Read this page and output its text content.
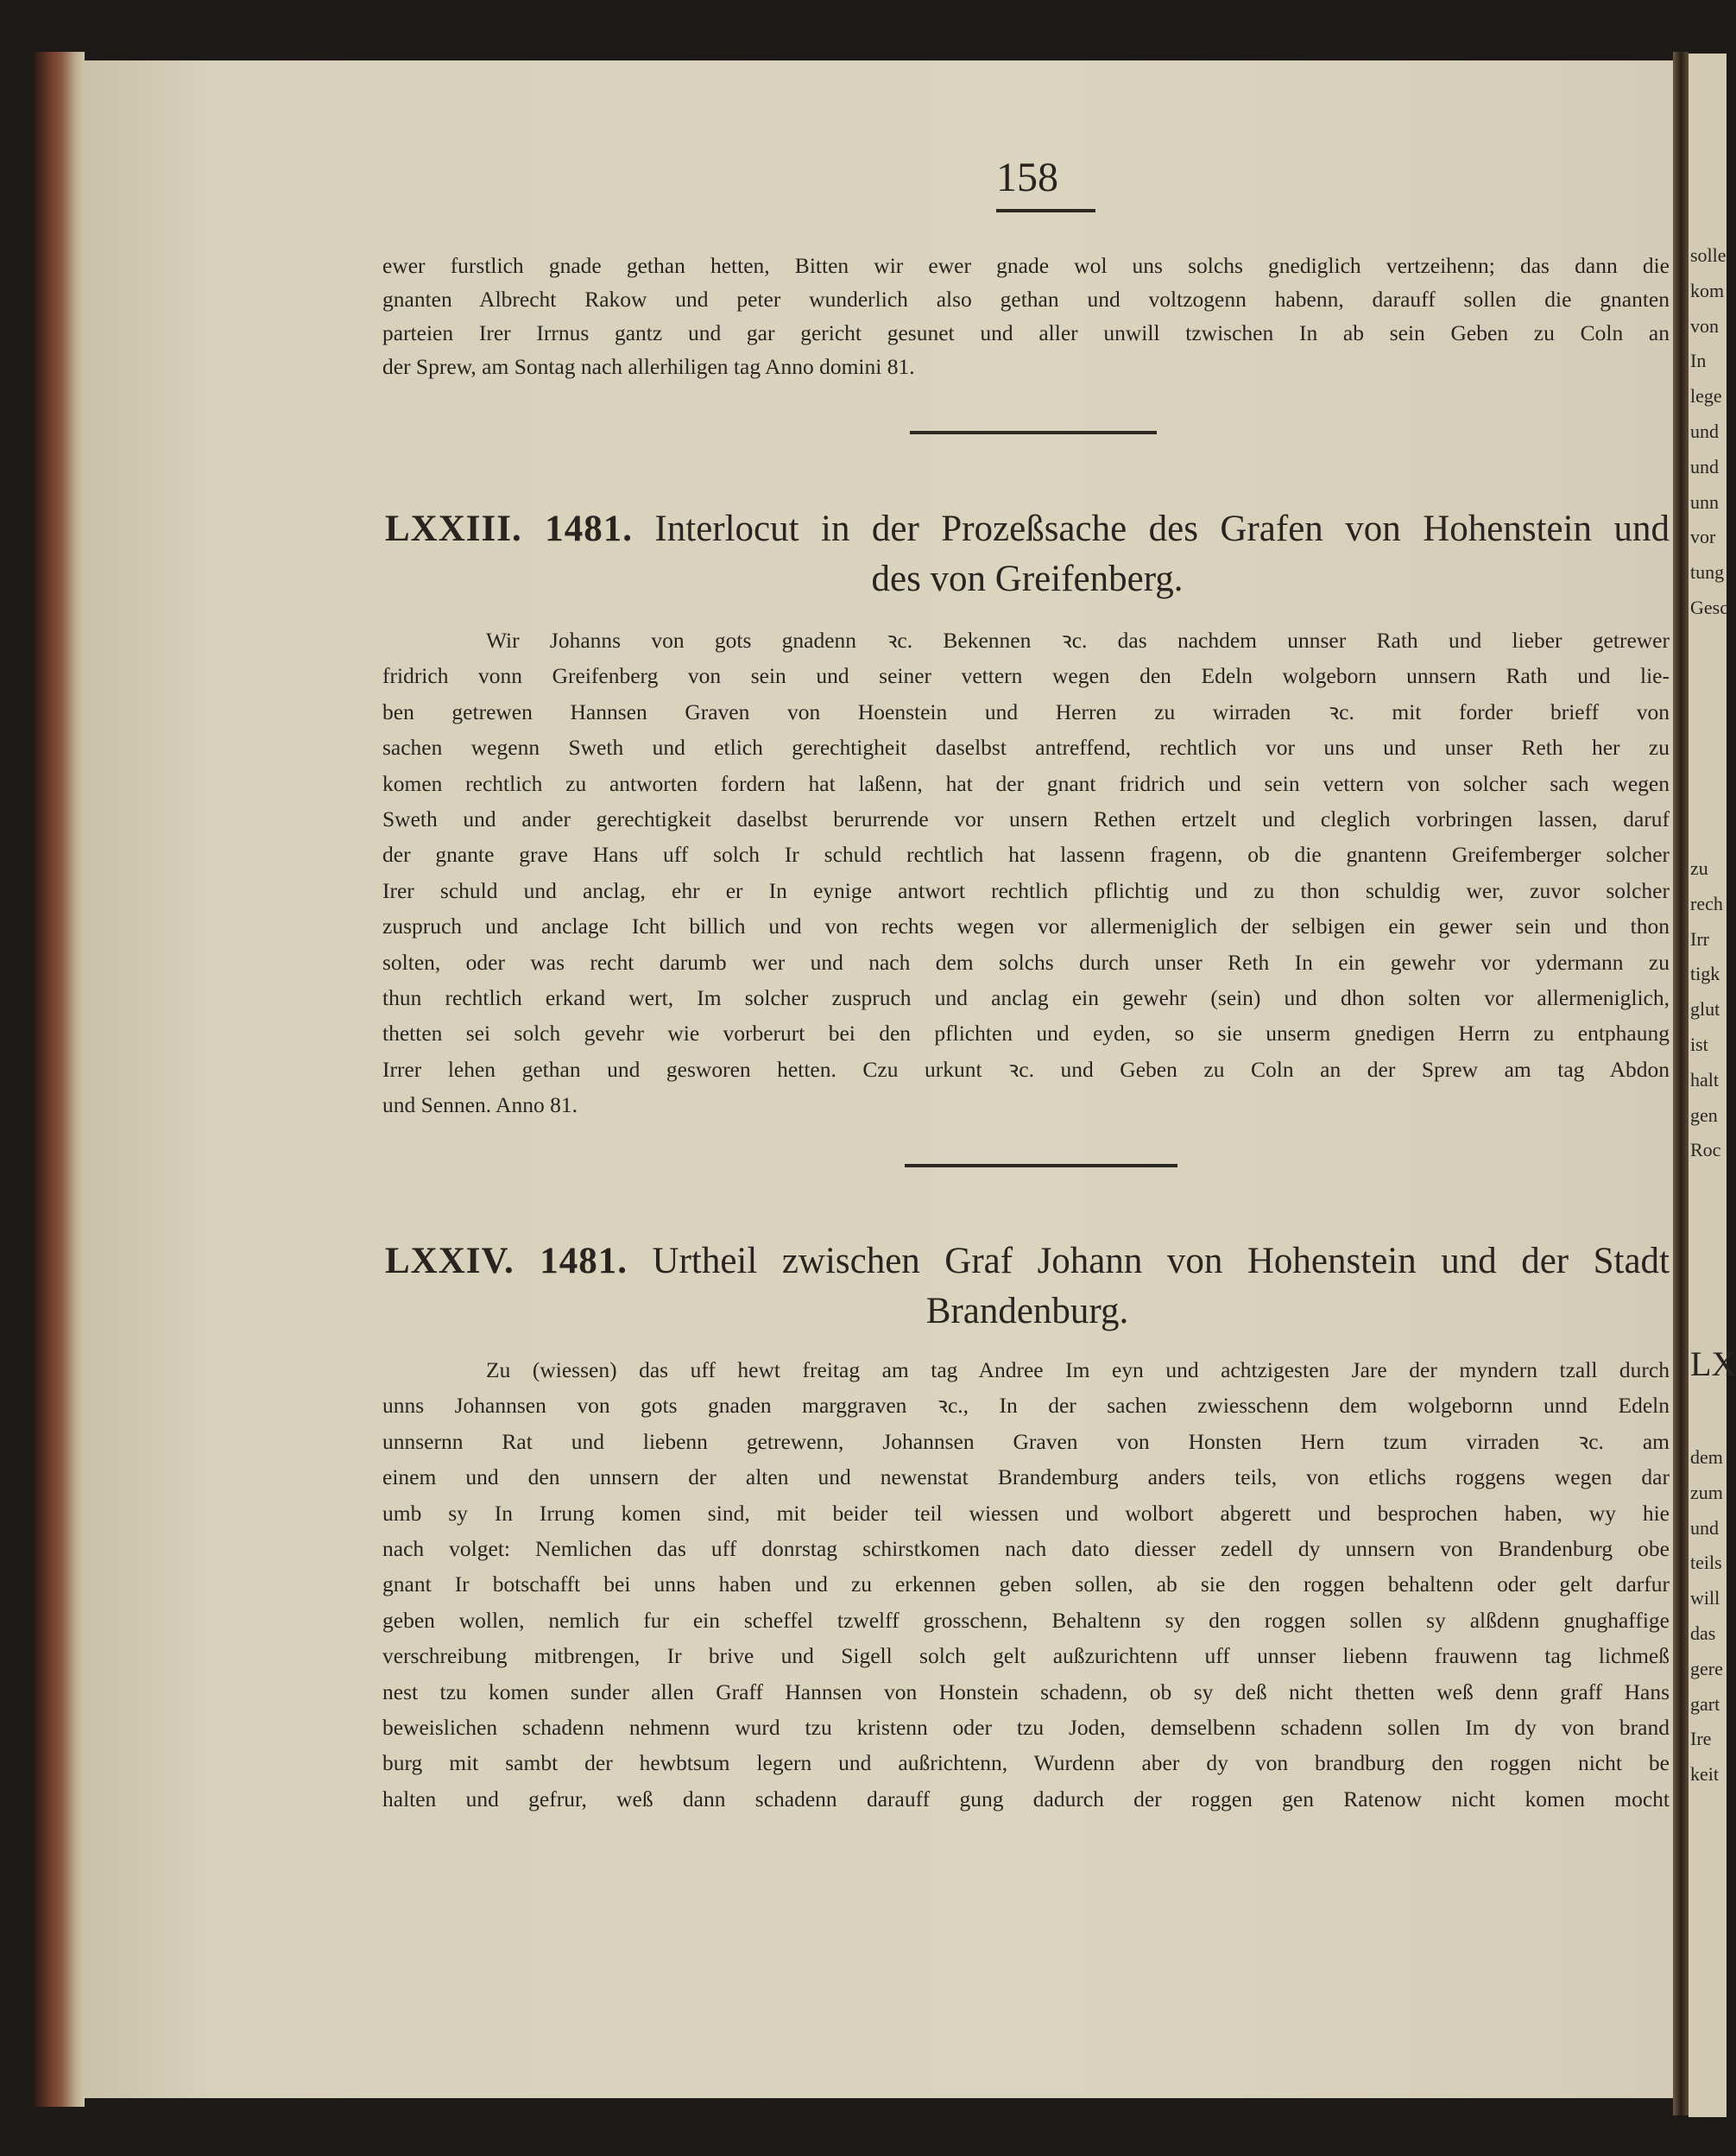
solle
kom
von
In
lege
und
und
unn
vor
tung
Gesc
zu
rech
Irr
tigk
glut
ist
halt
gen
Roc
LX
dem
zum
und
teils
will
das
gere
gart
Ire
keit
158
ewer furstlich gnade gethan hetten, Bitten wir ewer gnade wol uns solchs gnediglich vertzeihenn; das dann die
gnanten Albrecht Rakow und peter wunderlich also gethan und voltzogenn habenn, darauff sollen die gnanten
parteien Irer Irrnus gantz und gar gericht gesunet und aller unwill tzwischen In ab sein Geben zu Coln an
der Sprew, am Sontag nach allerhiligen tag Anno domini 81.
LXXIII. 1481. Interlocut in der Prozeßsache des Grafen von Hohenstein und
des von Greifenberg.
Wir Johanns von gots gnadenn ꝛc. Bekennen ꝛc. das nachdem unnser Rath und lieber getrewer
fridrich vonn Greifenberg von sein und seiner vettern wegen den Edeln wolgeborn unnsern Rath und lie-
ben getrewen Hannsen Graven von Hoenstein und Herren zu wirraden ꝛc. mit forder brieff von
sachen wegenn Sweth und etlich gerechtigheit daselbst antreffend, rechtlich vor uns und unser Reth her zu
komen rechtlich zu antworten fordern hat laßenn, hat der gnant fridrich und sein vettern von solcher sach wegen
Sweth und ander gerechtigkeit daselbst berurrende vor unsern Rethen ertzelt und cleglich vorbringen lassen, daruf
der gnante grave Hans uff solch Ir schuld rechtlich hat lassenn fragenn, ob die gnantenn Greifemberger solcher
Irer schuld und anclag, ehr er In eynige antwort rechtlich pflichtig und zu thon schuldig wer, zuvor solcher
zuspruch und anclage Icht billich und von rechts wegen vor allermeniglich der selbigen ein gewer sein und thon
solten, oder was recht darumb wer und nach dem solchs durch unser Reth In ein gewehr vor ydermann zu
thun rechtlich erkand wert, Im solcher zuspruch und anclag ein gewehr (sein) und dhon solten vor allermeniglich,
thetten sei solch gevehr wie vorberurt bei den pflichten und eyden, so sie unserm gnedigen Herrn zu entphaung
Irrer lehen gethan und gesworen hetten. Czu urkunt ꝛc. und Geben zu Coln an der Sprew am tag Abdon
und Sennen. Anno 81.
LXXIV. 1481. Urtheil zwischen Graf Johann von Hohenstein und der Stadt
Brandenburg.
Zu (wiessen) das uff hewt freitag am tag Andree Im eyn und achtzigesten Jare der myndern tzall durch
unns Johannsen von gots gnaden marggraven ꝛc., In der sachen zwiesschenn dem wolgebornn unnd Edeln
unnsernn Rat und liebenn getrewenn, Johannsen Graven von Honsten Hern tzum virraden ꝛc. am
einem und den unnsern der alten und newenstat Brandemburg anders teils, von etlichs roggens wegen dar
umb sy In Irrung komen sind, mit beider teil wiessen und wolbort abgerett und besprochen haben, wy hie
nach volget: Nemlichen das uff donrstag schirstkomen nach dato diesser zedell dy unnsern von Brandenburg obe
gnant Ir botschafft bei unns haben und zu erkennen geben sollen, ab sie den roggen behaltenn oder gelt darfur
geben wollen, nemlich fur ein scheffel tzwelff grosschenn, Behaltenn sy den roggen sollen sy alßdenn gnughaffige
verschreibung mitbrengen, Ir brive und Sigell solch gelt außzurichtenn uff unnser liebenn frauwenn tag lichmeß
nest tzu komen sunder allen Graff Hannsen von Honstein schadenn, ob sy deß nicht thetten weß denn graff Hans
beweislichen schadenn nehmenn wurd tzu kristenn oder tzu Joden, demselbenn schadenn sollen Im dy von brand
burg mit sambt der hewbtsum legern und außrichtenn, Wurdenn aber dy von brandburg den roggen nicht be
halten und gefrur, weß dann schadenn darauff gung dadurch der roggen gen Ratenow nicht komen mocht
